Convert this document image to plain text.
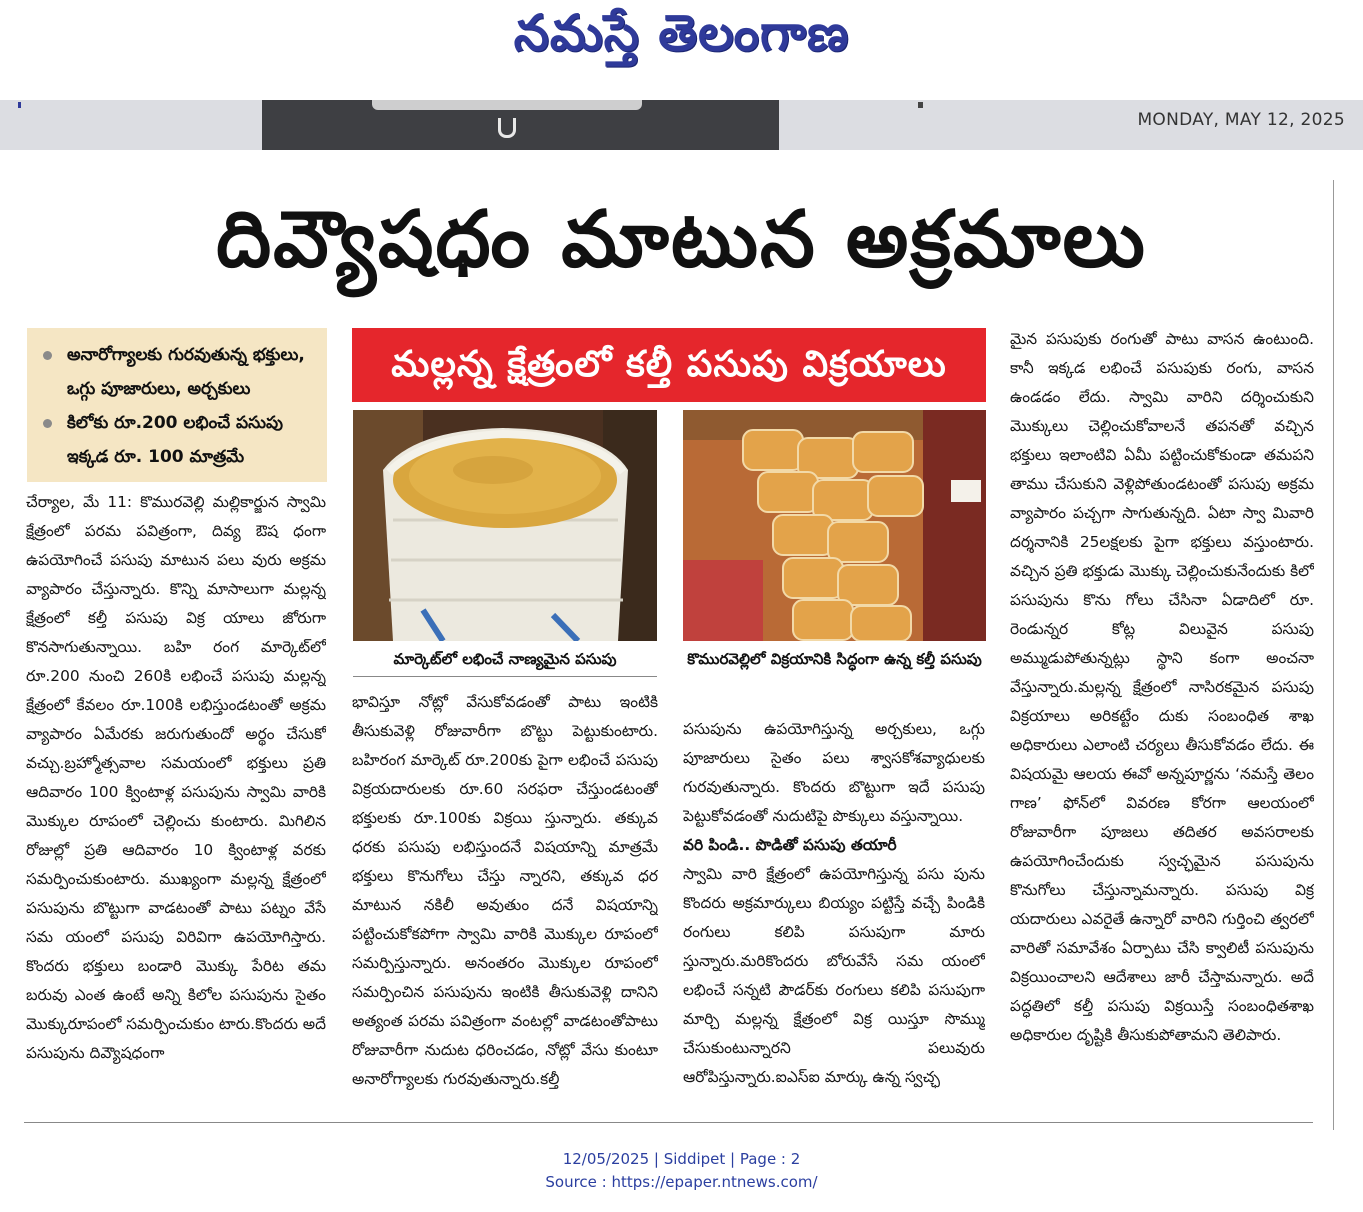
నమస్తే తెలంగాణ
MONDAY, MAY 12, 2025
దివ్యౌషధం మాటున అక్రమాలు
అనారోగ్యాలకు గురవుతున్న భక్తులు, ఒగ్గు పూజారులు, అర్చకులు
కిలోకు రూ.200 లభించే పసుపు ఇక్కడ రూ. 100 మాత్రమే

చేర్యాల, మే 11: కొమురవెల్లి మల్లికార్జున స్వామి క్షేత్రంలో పరమ పవిత్రంగా, దివ్య ఔష ధంగా ఉపయోగించే పసుపు మాటున పలు వురు అక్రమ వ్యాపారం చేస్తున్నారు. కొన్ని మాసాలుగా మల్లన్న క్షేత్రంలో కల్తీ పసుపు విక్ర యాలు జోరుగా కొనసాగుతున్నాయి. బహి రంగ మార్కెట్‌లో రూ.200 నుంచి 260కి లభించే పసుపు మల్లన్న క్షేత్రంలో కేవలం రూ.100కి లభిస్తుండటంతో అక్రమ వ్యాపారం ఏమేరకు జరుగుతుందో అర్థం చేసుకో వచ్చు.బ్రహ్మోత్సవాల సమయంలో భక్తులు ప్రతి ఆదివారం 100 క్వింటాళ్ల పసుపును స్వామి వారికి మొక్కుల రూపంలో చెల్లించు కుంటారు. మిగిలిన రోజుల్లో ప్రతి ఆదివారం 10 క్వింటాళ్ల వరకు సమర్పించుకుంటారు. ముఖ్యంగా మల్లన్న క్షేత్రంలో పసుపును బొట్టుగా వాడటంతో పాటు పట్నం వేసే సమ యంలో పసుపు విరివిగా ఉపయోగిస్తారు. కొందరు భక్తులు బండారి మొక్కు పేరిట తమ బరువు ఎంత ఉంటే అన్ని కిలోల పసుపును సైతం మొక్కురూపంలో సమర్పించుకుం టారు.కొందరు అదే పసుపును దివ్యౌషధంగా

మల్లన్న క్షేత్రంలో కల్తీ పసుపు విక్రయాలు
మార్కెట్‌లో లభించే నాణ్యమైన పసుపు	కొమురవెల్లిలో విక్రయానికి సిద్ధంగా ఉన్న కల్తీ పసుపు

భావిస్తూ నోట్లో వేసుకోవడంతో పాటు ఇంటికి తీసుకువెళ్లి రోజువారీగా బొట్టు పెట్టుకుంటారు. బహిరంగ మార్కెట్ రూ.200కు పైగా లభించే పసుపు విక్రయదారులకు రూ.60 సరఫరా చేస్తుండటంతో భక్తులకు రూ.100కు విక్రయి స్తున్నారు. తక్కువ ధరకు పసుపు లభిస్తుందనే విషయాన్ని మాత్రమే భక్తులు కొనుగోలు చేస్తు న్నారని, తక్కువ ధర మాటున నకిలీ అవుతుం దనే విషయాన్ని పట్టించుకోకపోగా స్వామి వారికి మొక్కుల రూపంలో సమర్పిస్తున్నారు. అనంతరం మొక్కుల రూపంలో సమర్పించిన పసుపును ఇంటికి తీసుకువెళ్లి దానిని అత్యంత పరమ పవిత్రంగా వంటల్లో వాడటంతోపాటు రోజువారీగా నుదుట ధరించడం, నోట్లో వేసు కుంటూ అనారోగ్యాలకు గురవుతున్నారు.కల్తీ

పసుపును ఉపయోగిస్తున్న అర్చకులు, ఒగ్గు పూజారులు సైతం పలు శ్వాసకోశవ్యాధులకు గురవుతున్నారు. కొందరు బొట్టుగా ఇదే పసుపు పెట్టుకోవడంతో నుదుటిపై పొక్కులు వస్తున్నాయి.

వరి పిండి.. పొడితో పసుపు తయారీ

స్వామి వారి క్షేత్రంలో ఉపయోగిస్తున్న పసు పును కొందరు అక్రమార్కులు బియ్యం పట్టిస్తే వచ్చే పిండికి రంగులు కలిపి పసుపుగా మారు స్తున్నారు.మరికొందరు బోరువేసే సమ యంలో లభించే సన్నటి పౌడర్‌కు రంగులు కలిపి పసుపుగా మార్చి మల్లన్న క్షేత్రంలో విక్ర యిస్తూ సొమ్ము చేసుకుంటున్నారని పలువురు ఆరోపిస్తున్నారు.ఐఎస్ఐ మార్కు ఉన్న స్వచ్ఛ

మైన పసుపుకు రంగుతో పాటు వాసన ఉంటుంది. కానీ ఇక్కడ లభించే పసుపుకు రంగు, వాసన ఉండడం లేదు. స్వామి వారిని దర్శించుకుని మొక్కులు చెల్లించుకోవాలనే తపనతో వచ్చిన భక్తులు ఇలాంటివి ఏమీ పట్టించుకోకుండా తమపని తాము చేసుకుని వెళ్లిపోతుండటంతో పసుపు అక్రమ వ్యాపారం పచ్చగా సాగుతున్నది. ఏటా స్వా మివారి దర్శనానికి 25లక్షలకు పైగా భక్తులు వస్తుంటారు. వచ్చిన ప్రతి భక్తుడు మొక్కు చెల్లించుకునేందుకు కిలో పసుపును కొను గోలు చేసినా ఏడాదిలో రూ. రెండున్నర కోట్ల విలువైన పసుపు అమ్ముడుపోతున్నట్లు స్థాని కంగా అంచనా వేస్తున్నారు.మల్లన్న క్షేత్రంలో నాసిరకమైన పసుపు విక్రయాలు అరికట్టేం దుకు సంబంధిత శాఖ అధికారులు ఎలాంటి చర్యలు తీసుకోవడం లేదు. ఈ విషయమై ఆలయ ఈవో అన్నపూర్ణను ‘నమస్తే తెలం గాణ’ ఫోన్‌లో వివరణ కోరగా ఆలయంలో రోజువారీగా పూజలు తదితర అవసరాలకు ఉపయోగించేందుకు స్వచ్ఛమైన పసుపును కొనుగోలు చేస్తున్నామన్నారు. పసుపు విక్ర యదారులు ఎవరైతే ఉన్నారో వారిని గుర్తించి త్వరలో వారితో సమావేశం ఏర్పాటు చేసి క్వాలిటీ పసుపును విక్రయించాలని ఆదేశాలు జారీ చేస్తామన్నారు. అదే పద్ధతిలో కల్తీ పసుపు విక్రయిస్తే సంబంధితశాఖ అధికారుల దృష్టికి తీసుకుపోతామని తెలిపారు.

12/05/2025 | Siddipet | Page : 2
Source : https://epaper.ntnews.com/
